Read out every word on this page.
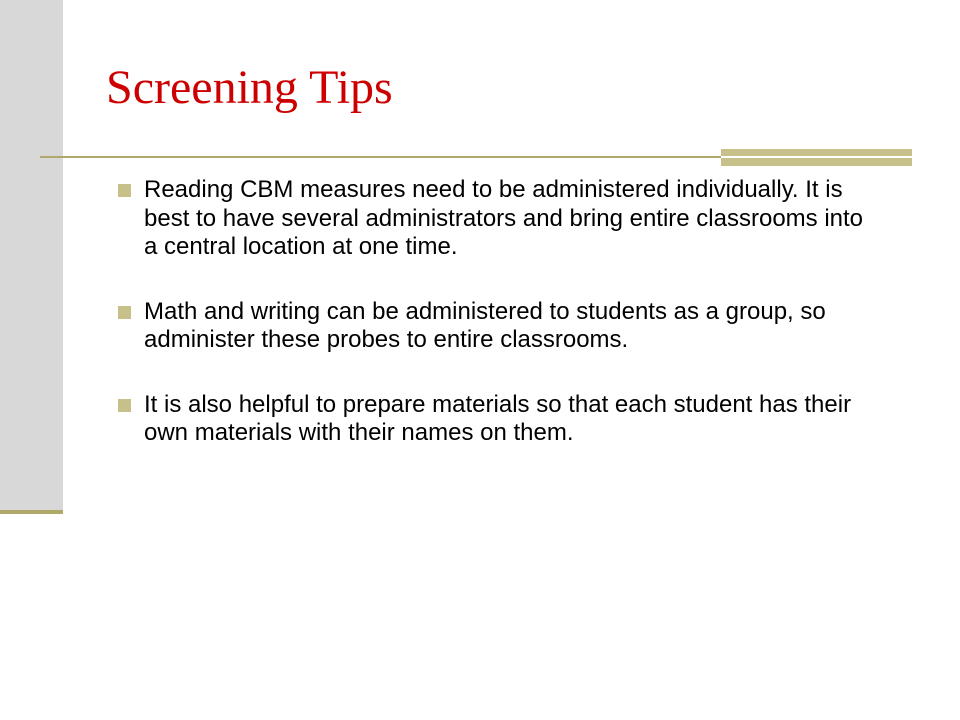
Screening Tips
Reading CBM measures need to be administered individually. It is best to have several administrators and bring entire classrooms into a central location at one time.
Math and writing can be administered to students as a group, so administer these probes to entire classrooms.
It is also helpful to prepare materials so that each student has their own materials with their names on them.
